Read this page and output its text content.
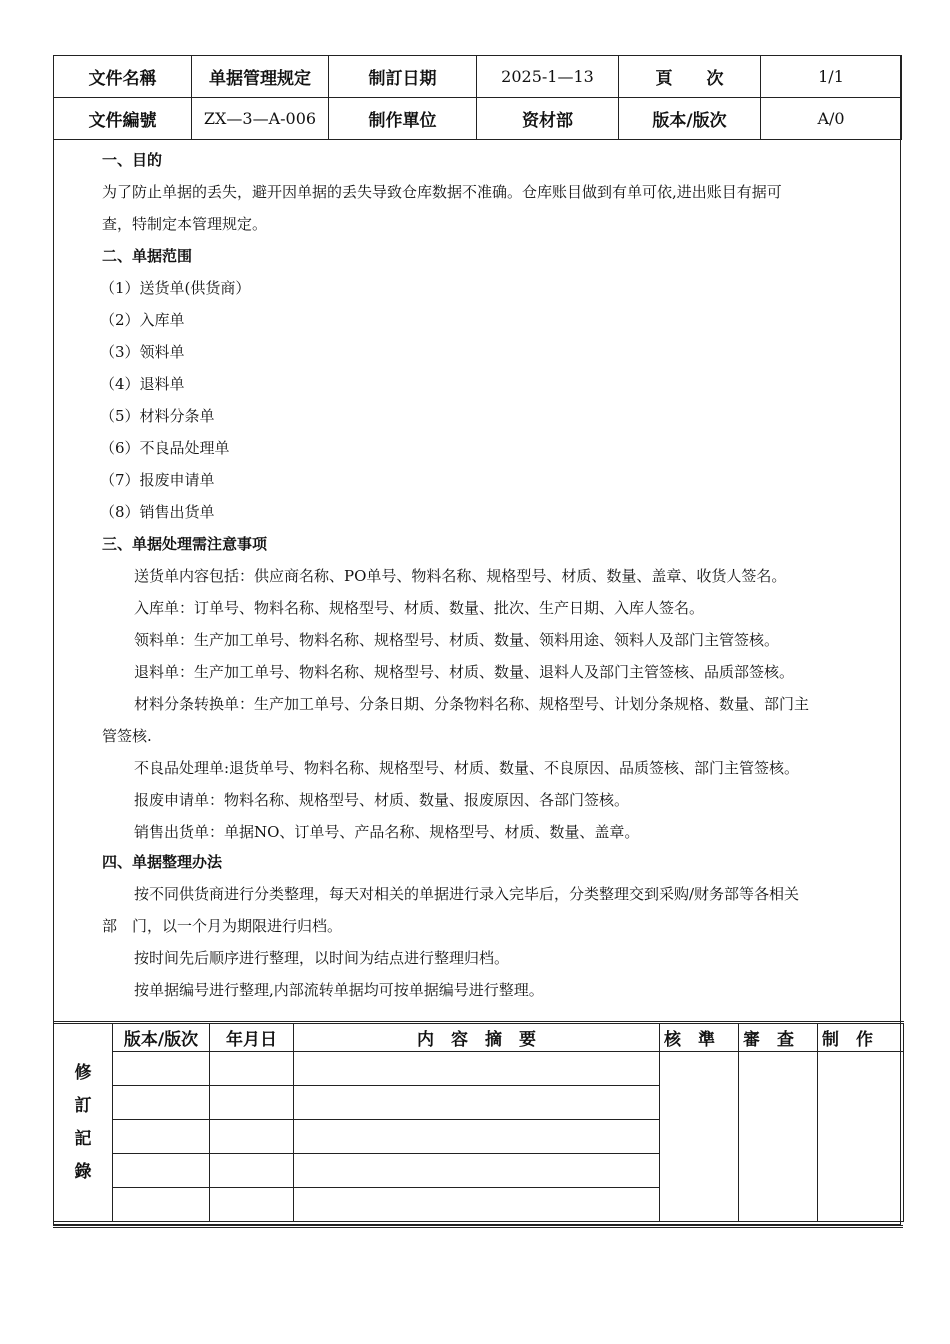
文件名稱	单据管理规定	制訂日期	2025-1—13	頁　　次	1/1
文件編號	ZX—3—A-006	制作單位	资材部	版本/版次	A/0
一、目的
为了防止单据的丢失，避开因单据的丢失导致仓库数据不准确。仓库账目做到有单可依,进出账目有据可
查，特制定本管理规定。
二、单据范围
（1）送货单(供货商）
（2）入库单
（3）领料单
（4）退料单
（5）材料分条单
（6）不良品处理单
（7）报废申请单
（8）销售出货单
三、单据处理需注意事项
送货单内容包括：供应商名称、PO单号、物料名称、规格型号、材质、数量、盖章、收货人签名。
入库单：订单号、物料名称、规格型号、材质、数量、批次、生产日期、入库人签名。
领料单：生产加工单号、物料名称、规格型号、材质、数量、领料用途、领料人及部门主管签核。
退料单：生产加工单号、物料名称、规格型号、材质、数量、退料人及部门主管签核、品质部签核。
材料分条转换单：生产加工单号、分条日期、分条物料名称、规格型号、计划分条规格、数量、部门主
管签核.
不良品处理单:退货单号、物料名称、规格型号、材质、数量、不良原因、品质签核、部门主管签核。
报废申请单：物料名称、规格型号、材质、数量、报废原因、各部门签核。
销售出货单：单据NO、订单号、产品名称、规格型号、材质、数量、盖章。
四、单据整理办法
按不同供货商进行分类整理，每天对相关的单据进行录入完毕后，分类整理交到采购/财务部等各相关
部　门，以一个月为期限进行归档。
按时间先后顺序进行整理，以时间为结点进行整理归档。
按单据编号进行整理,内部流转单据均可按单据编号进行整理。
修
訂
記
錄	版本/版次	年月日	内　容　摘　要	核　準	審　查	制　作
